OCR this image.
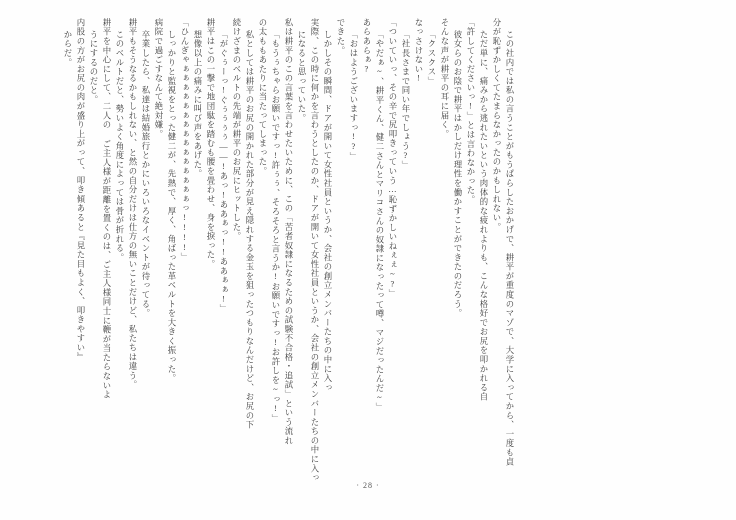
からだ。 内股の方がお尻の肉が盛り上がって、叩き傾あると『見た目もよく、叩きやすい』 うにするのだと。 耕平を中心にして、二人の ご主人様が距離を置くのは、ご主人様同士に鞭が当たらないよ このベルトだと、勢いよく角度によっては骨が折れる。 耕平もそうなるかもしれない、と然の自分だけは仕方の無いことだけど、私たちは違う。 卒業したら、私達は結婚旅行とかにいろいろなイベントが待ってる。 病院で過ごすなんて絶対嫌。 しっかりと監視をとった健二が、先熱で、厚く、角ばった革ベルトを大きく振った。 「ひんぎゃぁぁぁぁぁぁぁぁぁぁぁぁぁぁぁっ!!!!」 想像以上の痛みに叫び声をあげた。 耕平はこの一撃で地団駄を踏むも腰を畳わせ、身を捩った。 「がぐぅーっ!ぐぅぅぅぅ――!あっ!ああぁっ!!ああぁぁ!」 続けざまのベルトの先端が耕平のお尻にヒットした。 私としては耕平のお尻の開かれた部分が見え隠れする金玉を狙ったつもりなんだけど、お尻の下 の太ももあたりに当たってしまった。 「もうぅちゃらお願いですっ!許ぅぅ、そろそろと言うか!お願いですっ!お許しを~っ!」 私は耕平のこの言葉を言わせたいために、この「苦者奴隷になるための試験不合格・追試」という流れ になると思っていた。 実際、この時に何かを言わうとしたのか、ドアが開いて女性社員というか、会社の創立メンバーたちの中に入っ しかしその瞬間、ドアが開いて女性社員というか、会社の創立メンバーたちの中に入っ できた。 「おはようございますっ!?」 あらあらぁ? 「やだぁ~、耕平くん、健二さんとマリコさんの奴隷になったって噂、マジだったんだ~」 「ついていっ、その辛で尻叩きっていう…恥ずかしいねぇぇ~?」 「社長さまで同い年でしょう?」 なっさけない! 「クスクス」 そんな声が耕平の耳に届く。 彼女らのお陰で耕平はかしだけ理性を働かすことができたのだろう。 「許してくださいっ!」とは言わなかった。 ただ単に、痛みから逃れたいという肉体的な疲れよりも、こんな格好でお尻を叩かれる自 分が恥ずかしくてたまらなかったのかもしれない。 この社内では私の言うことがもうぱらしたおかげで、耕平が重度のマゾで、大学に入ってから、一度も貞
· 28 ·
